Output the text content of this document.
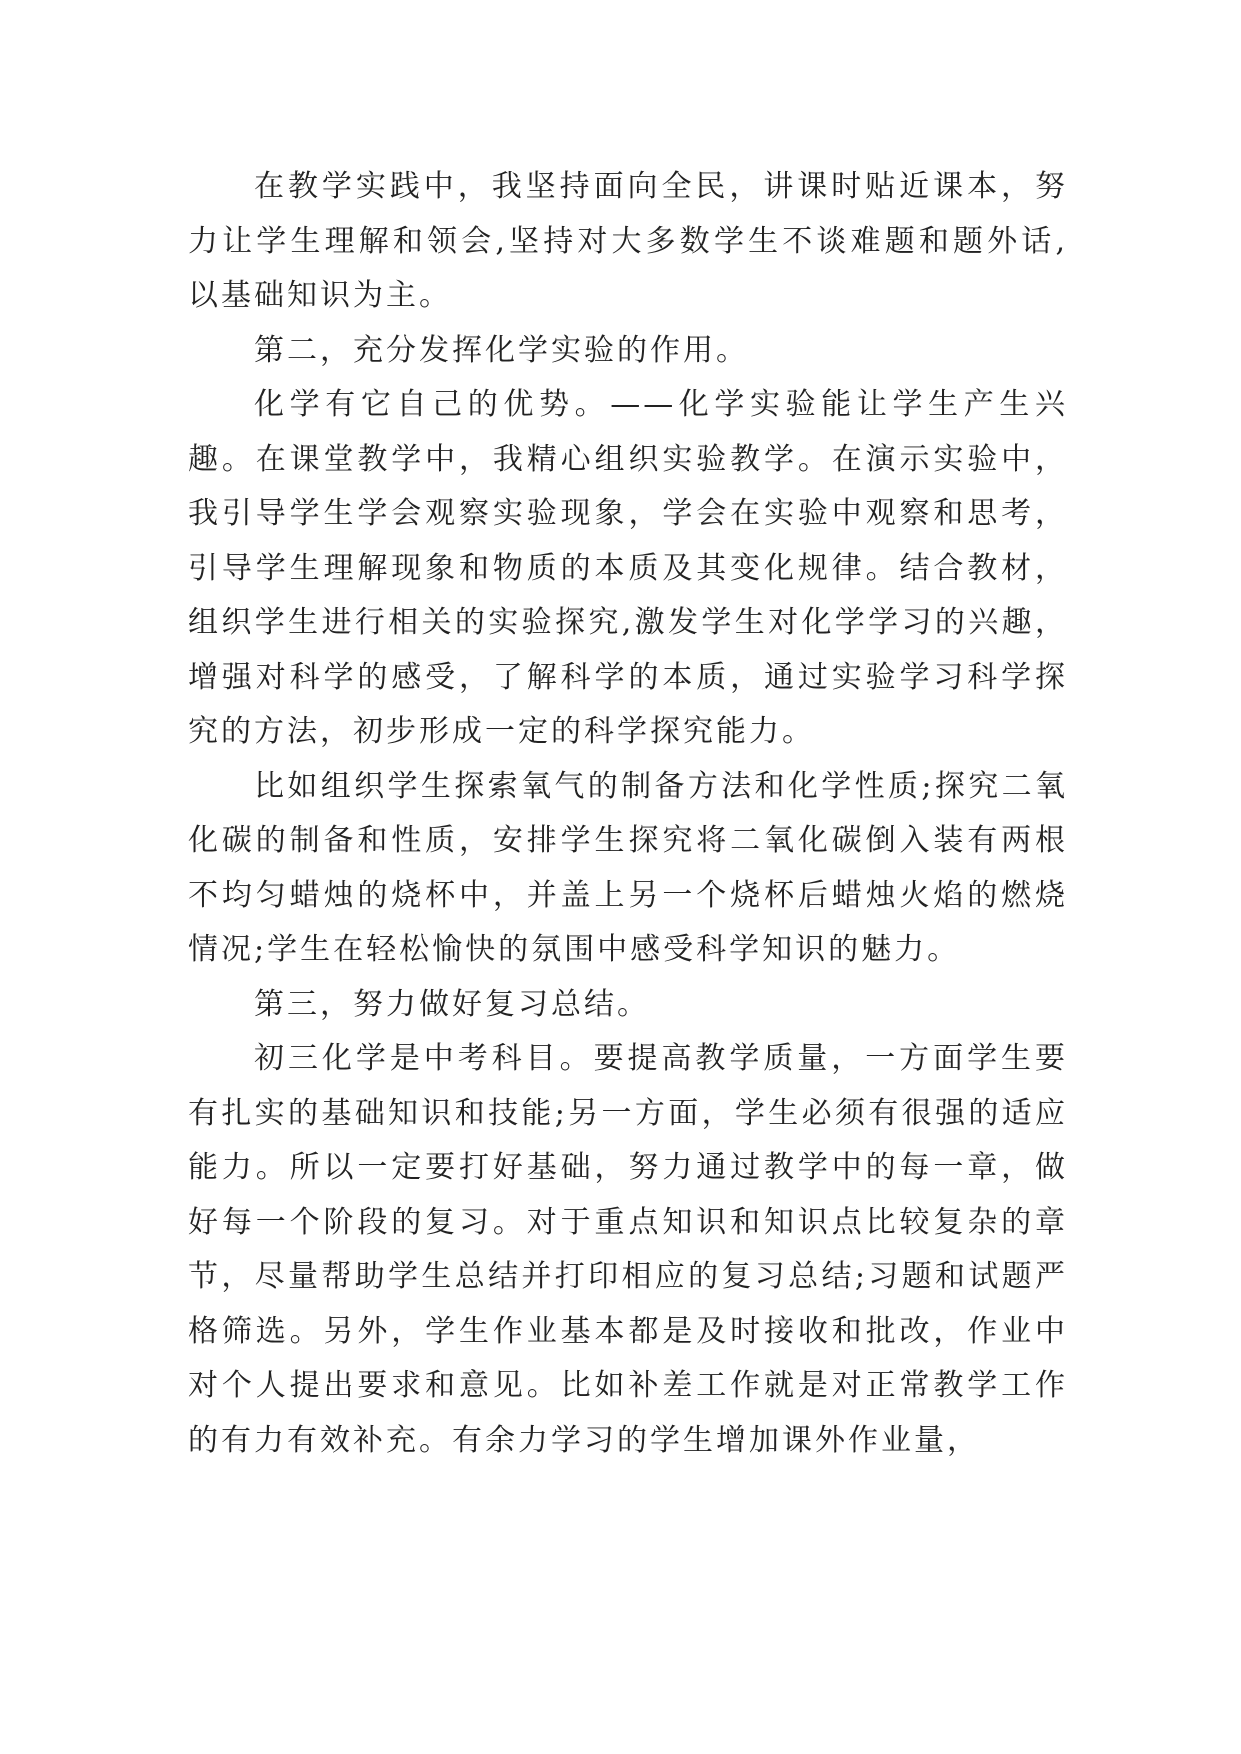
在教学实践中，我坚持面向全民，讲课时贴近课本，努力让学生理解和领会,坚持对大多数学生不谈难题和题外话,以基础知识为主。

第二，充分发挥化学实验的作用。

化学有它自己的优势。——化学实验能让学生产生兴趣。在课堂教学中，我精心组织实验教学。在演示实验中，我引导学生学会观察实验现象，学会在实验中观察和思考，引导学生理解现象和物质的本质及其变化规律。结合教材，组织学生进行相关的实验探究,激发学生对化学学习的兴趣，增强对科学的感受，了解科学的本质，通过实验学习科学探究的方法，初步形成一定的科学探究能力。

比如组织学生探索氧气的制备方法和化学性质;探究二氧化碳的制备和性质，安排学生探究将二氧化碳倒入装有两根不均匀蜡烛的烧杯中，并盖上另一个烧杯后蜡烛火焰的燃烧情况;学生在轻松愉快的氛围中感受科学知识的魅力。

第三，努力做好复习总结。

初三化学是中考科目。要提高教学质量，一方面学生要有扎实的基础知识和技能;另一方面，学生必须有很强的适应能力。所以一定要打好基础，努力通过教学中的每一章，做好每一个阶段的复习。对于重点知识和知识点比较复杂的章节，尽量帮助学生总结并打印相应的复习总结;习题和试题严格筛选。另外，学生作业基本都是及时接收和批改，作业中对个人提出要求和意见。比如补差工作就是对正常教学工作的有力有效补充。有余力学习的学生增加课外作业量，
